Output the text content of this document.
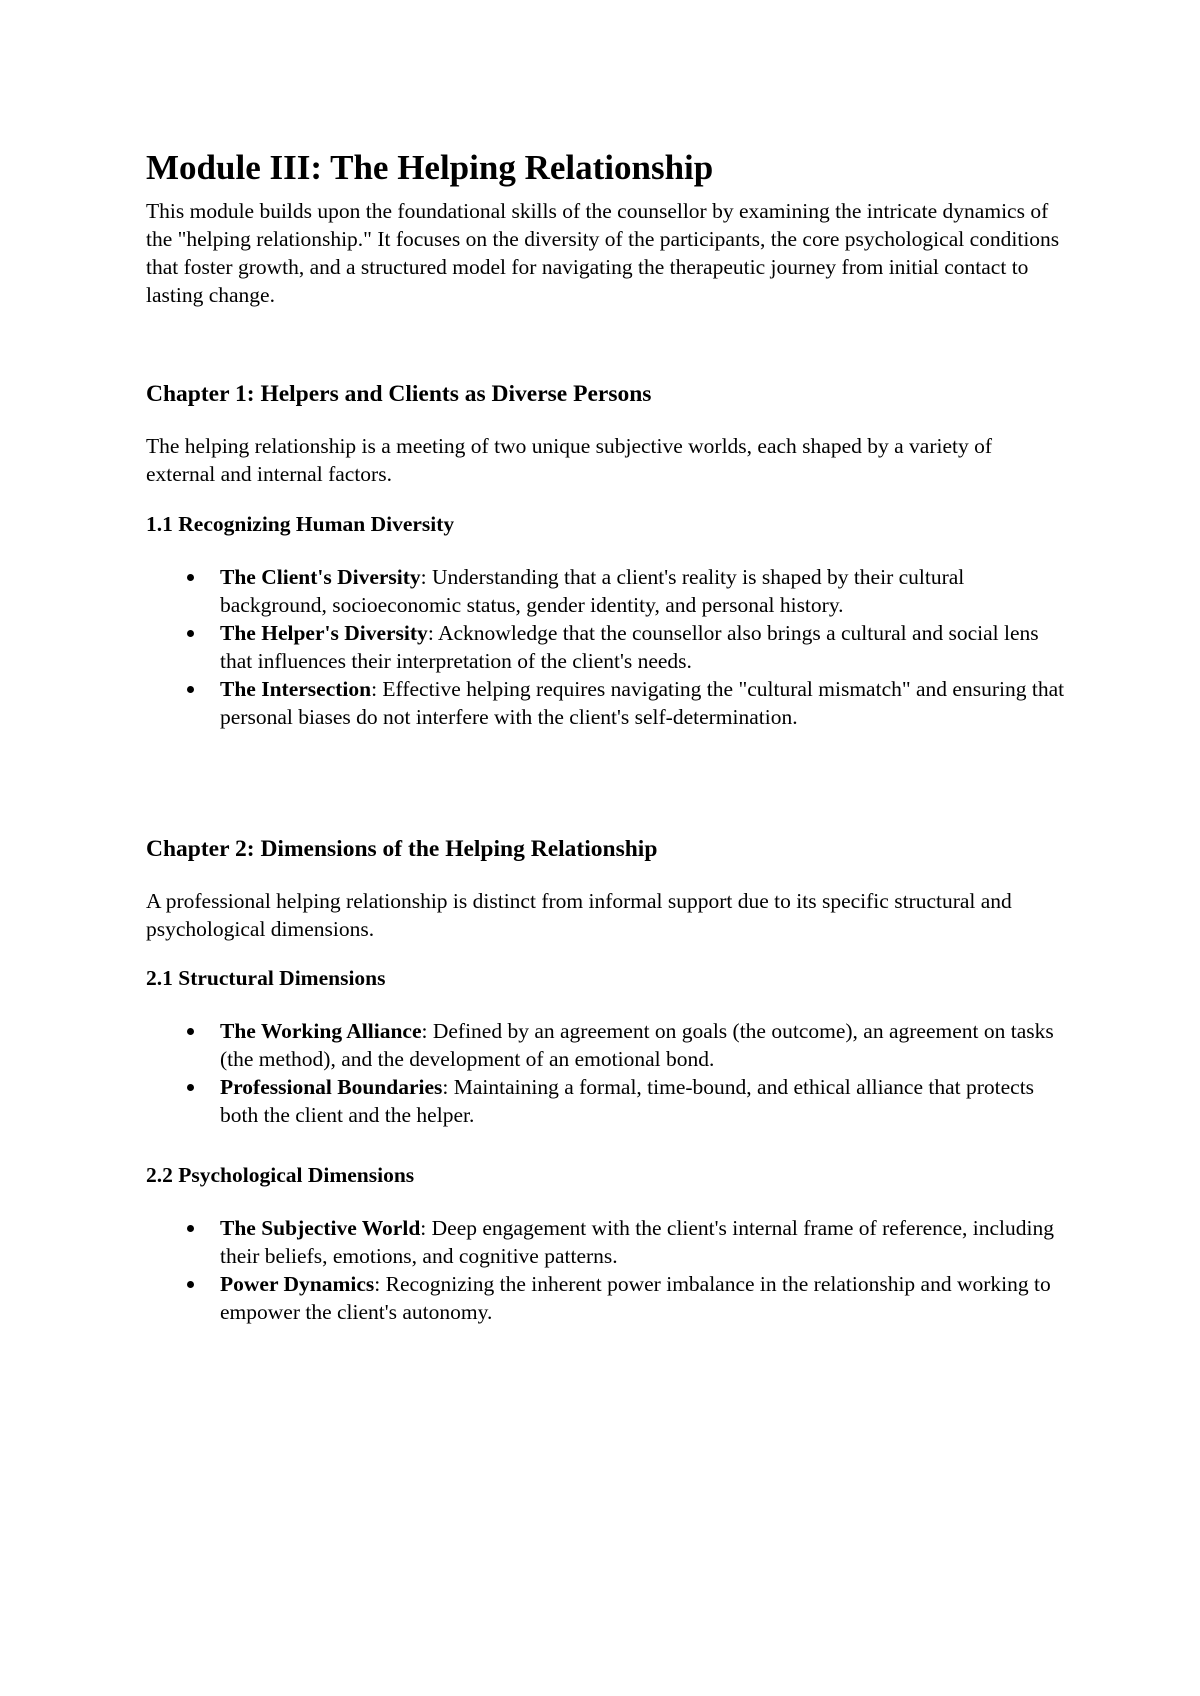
Module III: The Helping Relationship

This module builds upon the foundational skills of the counsellor by examining the intricate dynamics of the "helping relationship." It focuses on the diversity of the participants, the core psychological conditions that foster growth, and a structured model for navigating the therapeutic journey from initial contact to lasting change.

Chapter 1: Helpers and Clients as Diverse Persons

The helping relationship is a meeting of two unique subjective worlds, each shaped by a variety of external and internal factors.

1.1 Recognizing Human Diversity
The Client's Diversity: Understanding that a client's reality is shaped by their cultural background, socioeconomic status, gender identity, and personal history.
The Helper's Diversity: Acknowledge that the counsellor also brings a cultural and social lens that influences their interpretation of the client's needs.
The Intersection: Effective helping requires navigating the "cultural mismatch" and ensuring that personal biases do not interfere with the client's self-determination.
Chapter 2: Dimensions of the Helping Relationship

A professional helping relationship is distinct from informal support due to its specific structural and psychological dimensions.

2.1 Structural Dimensions
The Working Alliance: Defined by an agreement on goals (the outcome), an agreement on tasks (the method), and the development of an emotional bond.
Professional Boundaries: Maintaining a formal, time-bound, and ethical alliance that protects both the client and the helper.
2.2 Psychological Dimensions
The Subjective World: Deep engagement with the client's internal frame of reference, including their beliefs, emotions, and cognitive patterns.
Power Dynamics: Recognizing the inherent power imbalance in the relationship and working to empower the client's autonomy.
